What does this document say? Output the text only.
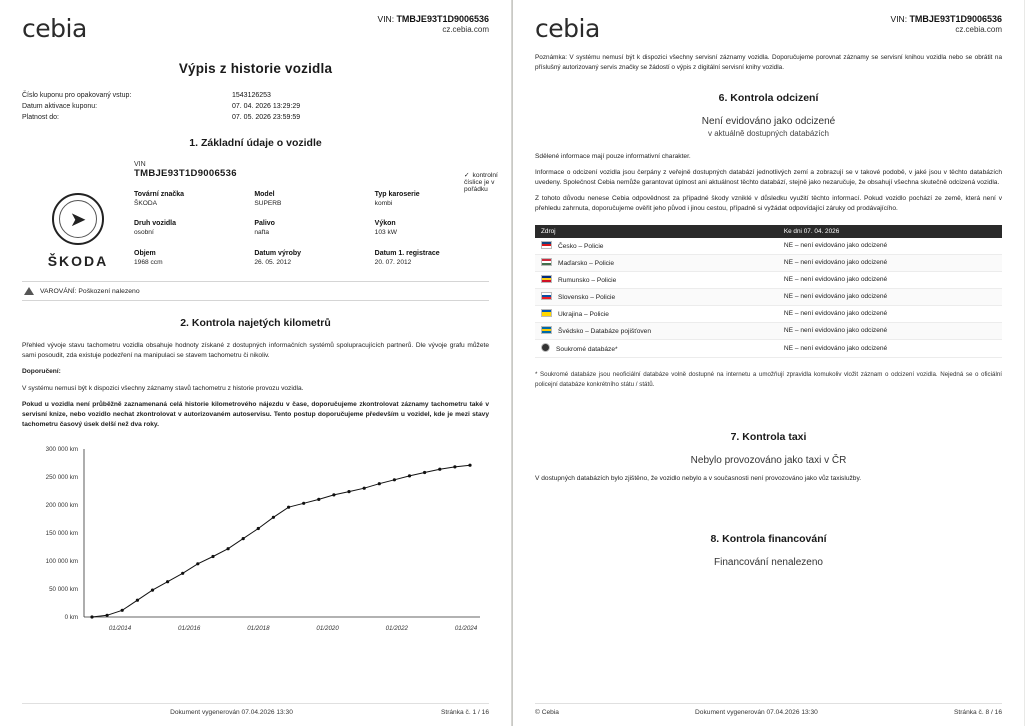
cebia	VIN: TMBJE93T1D9006536
cz.cebia.com
Výpis z historie vozidla
Číslo kuponu pro opakovaný vstup:	1543126253
Datum aktivace kuponu:	07. 04. 2026 13:29:29
Platnost do:	07. 05. 2026 23:59:59
1. Základní údaje o vozidle
VIN
TMBJE93T1D9006536	✓ kontrolní číslice je v pořádku
➤
ŠKODA
Tovární značka
ŠKODA
Model
SUPERB
Typ karoserie
kombi
Druh vozidla
osobní
Palivo
nafta
Výkon
103 kW
Objem
1968 ccm
Datum výroby
26. 05. 2012
Datum 1. registrace
20. 07. 2012
VAROVÁNÍ: Poškození nalezeno
2. Kontrola najetých kilometrů

Přehled vývoje stavu tachometru vozidla obsahuje hodnoty získané z dostupných informačních systémů spolupracujících partnerů. Dle vývoje grafu můžete sami posoudit, zda existuje podezření na manipulaci se stavem tachometru či nikoliv.

Doporučení:

V systému nemusí být k dispozici všechny záznamy stavů tachometru z historie provozu vozidla.

Pokud u vozidla není průběžně zaznamenaná celá historie kilometrového nájezdu v čase, doporučujeme zkontrolovat záznamy tachometru také v servisní knize, nebo vozidlo nechat zkontrolovat v autorizovaném autoservisu. Tento postup doporučujeme především u vozidel, kde je mezi stavy tachometru časový úsek delší než dva roky.

0 km
50 000 km
100 000 km
150 000 km
200 000 km
250 000 km
300 000 km
01/2014	01/2016	01/2018	01/2020	01/2022	01/2024
Dokument vygenerován 07.04.2026 13:30	Stránka č. 1 / 16
cebia	VIN: TMBJE93T1D9006536
cz.cebia.com
Poznámka: V systému nemusí být k dispozici všechny servisní záznamy vozidla. Doporučujeme porovnat záznamy se servisní knihou vozidla nebo se obrátit na příslušný autorizovaný servis značky se žádostí o výpis z digitální servisní knihy vozidla.
6. Kontrola odcizení
Není evidováno jako odcizené
v aktuálně dostupných databázích

Sdělené informace mají pouze informativní charakter.

Informace o odcizení vozidla jsou čerpány z veřejně dostupných databází jednotlivých zemí a zobrazují se v takové podobě, v jaké jsou v těchto databázích uvedeny. Společnost Cebia nemůže garantovat úplnost ani aktuálnost těchto databází, stejně jako nezaručuje, že obsahují všechna skutečně odcizená vozidla.

Z tohoto důvodu nenese Cebia odpovědnost za případné škody vzniklé v důsledku využití těchto informací. Pokud vozidlo pochází ze země, která není v přehledu zahrnuta, doporučujeme ověřit jeho původ i jinou cestou, případně si vyžádat odpovídající záruky od prodávajícího.

Zdroj	Ke dni 07. 04. 2026
Česko – Policie	NE – není evidováno jako odcizené
Maďarsko – Policie	NE – není evidováno jako odcizené
Rumunsko – Policie	NE – není evidováno jako odcizené
Slovensko – Policie	NE – není evidováno jako odcizené
Ukrajina – Policie	NE – není evidováno jako odcizené
Švédsko – Databáze pojišťoven	NE – není evidováno jako odcizené
Soukromé databáze*	NE – není evidováno jako odcizené
* Soukromé databáze jsou neoficiální databáze volně dostupné na internetu a umožňují zpravidla komukoliv vložit záznam o odcizení vozidla. Nejedná se o oficiální policejní databáze konkrétního státu / států.
7. Kontrola taxi
Nebylo provozováno jako taxi v ČR

V dostupných databázích bylo zjištěno, že vozidlo nebylo a v současnosti není provozováno jako vůz taxislužby.

8. Kontrola financování
Financování nenalezeno
© Cebia	Dokument vygenerován 07.04.2026 13:30	Stránka č. 8 / 16
